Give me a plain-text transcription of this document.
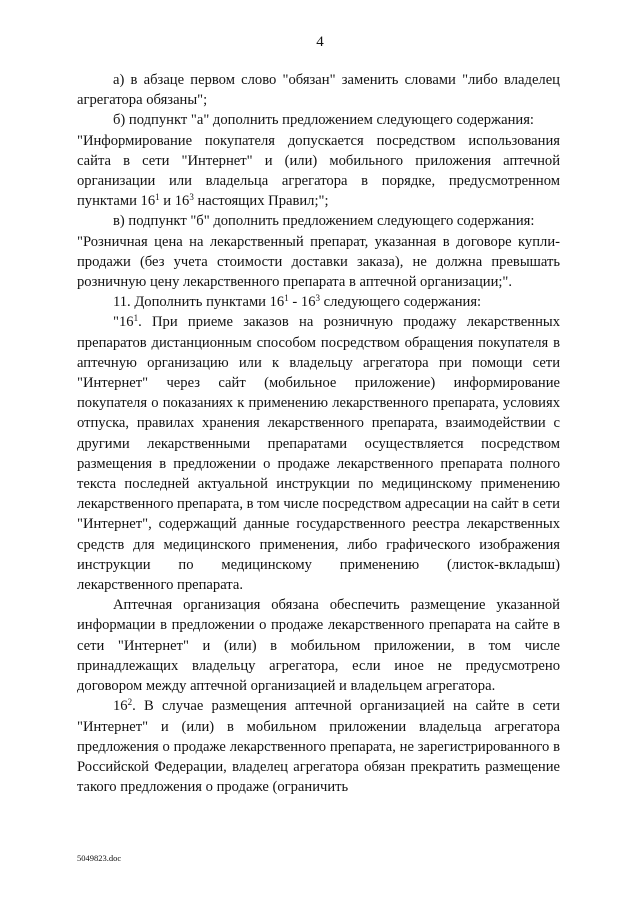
4

а) в абзаце первом слово "обязан" заменить словами "либо владелец агрегатора обязаны";

б) подпункт "а" дополнить предложением следующего содержания:

"Информирование покупателя допускается посредством использования сайта в сети "Интернет" и (или) мобильного приложения аптечной организации или владельца агрегатора в порядке, предусмотренном пунктами $16^1$ и $16^3$ настоящих Правил;";

в) подпункт "б" дополнить предложением следующего содержания:

"Розничная цена на лекарственный препарат, указанная в договоре купли-продажи (без учета стоимости доставки заказа), не должна превышать розничную цену лекарственного препарата в аптечной организации;".

11. Дополнить пунктами $16^1 - 16^3$ следующего содержания:

"$16^1$. При приеме заказов на розничную продажу лекарственных препаратов дистанционным способом посредством обращения покупателя в аптечную организацию или к владельцу агрегатора при помощи сети "Интернет" через сайт (мобильное приложение) информирование покупателя о показаниях к применению лекарственного препарата, условиях отпуска, правилах хранения лекарственного препарата, взаимодействии с другими лекарственными препаратами осуществляется посредством размещения в предложении о продаже лекарственного препарата полного текста последней актуальной инструкции по медицинскому применению лекарственного препарата, в том числе посредством адресации на сайт в сети "Интернет", содержащий данные государственного реестра лекарственных средств для медицинского применения, либо графического изображения инструкции по медицинскому применению (листок-вкладыш) лекарственного препарата.

Аптечная организация обязана обеспечить размещение указанной информации в предложении о продаже лекарственного препарата на сайте в сети "Интернет" и (или) в мобильном приложении, в том числе принадлежащих владельцу агрегатора, если иное не предусмотрено договором между аптечной организацией и владельцем агрегатора.

$16^2$. В случае размещения аптечной организацией на сайте в сети "Интернет" и (или) в мобильном приложении владельца агрегатора предложения о продаже лекарственного препарата, не зарегистрированного в Российской Федерации, владелец агрегатора обязан прекратить размещение такого предложения о продаже (ограничить

5049823.doc
